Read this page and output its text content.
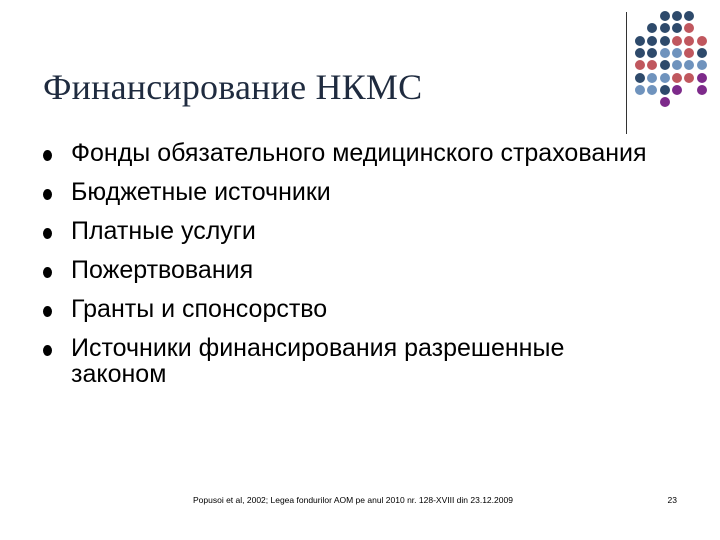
Финансирование НКМС
Фонды обязательного медицинского страхования
Бюджетные источники
Платные услуги
Пожертвования
Гранты и спонсорство
Источники финансирования разрешенные законом
Popusoi et al, 2002; Legea fondurilor AOM pe anul 2010 nr. 128-XVIII din 23.12.2009	23
